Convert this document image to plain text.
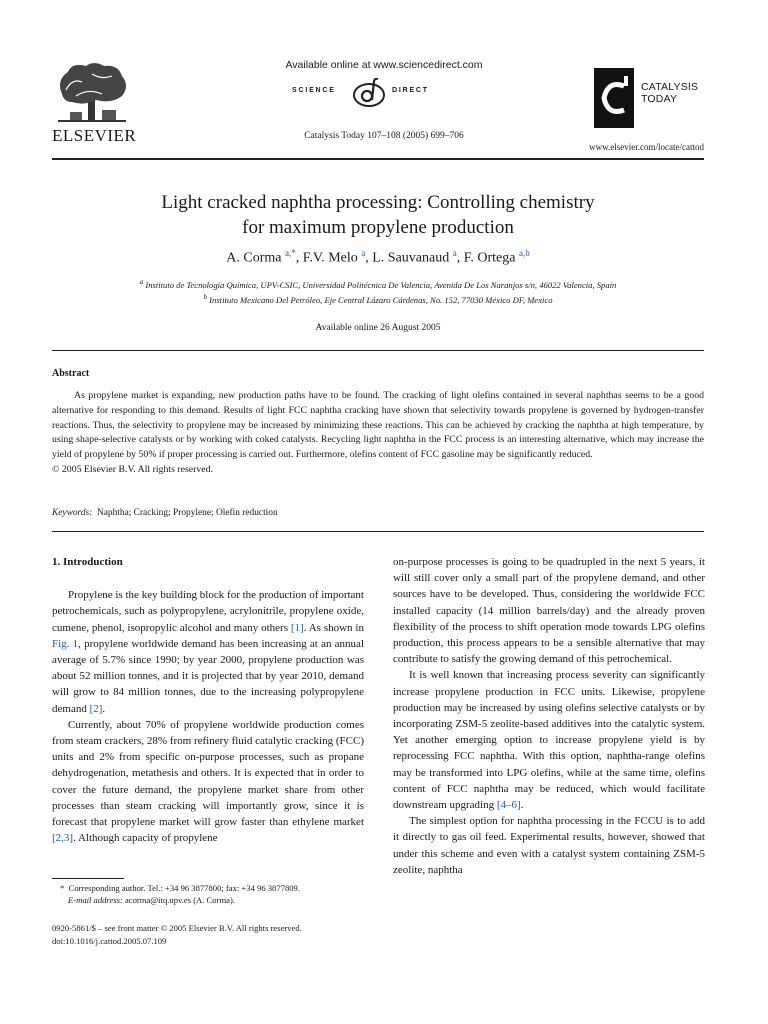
ELSEVIER
Available online at www.sciencedirect.com
SCIENCE	DIRECT
Catalysis Today 107–108 (2005) 699–706
CATALYSIS
TODAY
www.elsevier.com/locate/cattod
Light cracked naphtha processing: Controlling chemistry
for maximum propylene production
A. Corma $^{a,*}$, F.V. Melo $^a$, L. Sauvanaud $^a$, F. Ortega $^{a,b}$
$^a$ Instituto de Tecnología Química, UPV-CSIC, Universidad Politécnica De Valencia, Avenida De Los Naranjos s/n, 46022 Valencia, Spain
$^b$ Instituto Mexicano Del Petróleo, Eje Central Lázaro Cárdenas, No. 152, 77030 México DF, Mexico
Available online 26 August 2005
Abstract

As propylene market is expanding, new production paths have to be found. The cracking of light olefins contained in several naphthas seems to be a good alternative for responding to this demand. Results of light FCC naphtha cracking have shown that selectivity towards propylene is governed by hydrogen-transfer reactions. Thus, the selectivity to propylene may be increased by minimizing these reactions. This can be achieved by cracking the naphtha at high temperature, by using shape-selective catalysts or by working with coked catalysts. Recycling light naphtha in the FCC process is an interesting alternative, which may increase the yield of propylene by 50% if proper processing is carried out. Furthermore, olefins content of FCC gasoline may be significantly reduced.

© 2005 Elsevier B.V. All rights reserved.
Keywords: Naphtha; Cracking; Propylene; Olefin reduction

1. Introduction

Propylene is the key building block for the production of important petrochemicals, such as polypropylene, acrylonitrile, propylene oxide, cumene, phenol, isopropylic alcohol and many others [1]. As shown in Fig. 1, propylene worldwide demand has been increasing at an annual average of 5.7% since 1990; by year 2000, propylene production was about 52 million tonnes, and it is projected that by year 2010, demand will grow to 84 million tonnes, due to the increasing polypropylene demand [2].

Currently, about 70% of propylene worldwide production comes from steam crackers, 28% from refinery fluid catalytic cracking (FCC) units and 2% from specific on-purpose processes, such as propane dehydrogenation, metathesis and others. It is expected that in order to cover the future demand, the propylene market share from other processes than steam cracking will importantly grow, since it is forecast that propylene market will grow faster than ethylene market [2,3]. Although capacity of propylene

on-purpose processes is going to be quadrupled in the next 5 years, it will still cover only a small part of the propylene demand, and other sources have to be developed. Thus, considering the worldwide FCC installed capacity (14 million barrels/day) and the already proven flexibility of the process to shift operation mode towards LPG olefins production, this process appears to be a sensible alternative that may contribute to satisfy the growing demand of this petrochemical.

It is well known that increasing process severity can significantly increase propylene production in FCC units. Likewise, propylene production may be increased by using olefins selective catalysts or by incorporating ZSM-5 zeolite-based additives into the catalytic system. Yet another emerging option to increase propylene yield is by reprocessing FCC naphtha. With this option, naphtha-range olefins may be transformed into LPG olefins, while at the same time, olefins content of FCC naphtha may be reduced, which would facilitate downstream upgrading [4–6].

The simplest option for naphtha processing in the FCCU is to add it directly to gas oil feed. Experimental results, however, showed that under this scheme and even with a catalyst system containing ZSM-5 zeolite, naphtha

* Corresponding author. Tel.: +34 96 3877800; fax: +34 96 3877809.
E-mail address: acorma@itq.upv.es (A. Corma).
0920-5861/$ – see front matter © 2005 Elsevier B.V. All rights reserved.
doi:10.1016/j.cattod.2005.07.109
